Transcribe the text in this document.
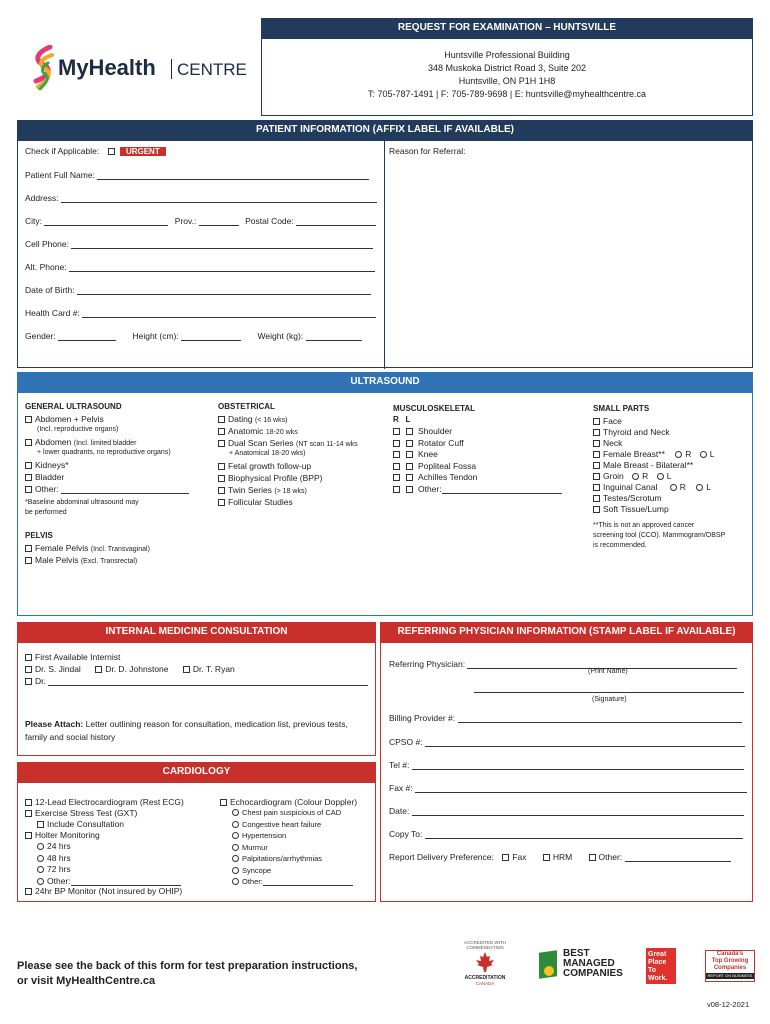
MyHealth CENTRE
REQUEST FOR EXAMINATION – HUNTSVILLE
Huntsville Professional Building
348 Muskoka District Road 3, Suite 202
Huntsville, ON P1H 1H8
T: 705-787-1491 | F: 705-789-9698 | E: huntsville@myhealthcentre.ca
PATIENT INFORMATION (AFFIX LABEL IF AVAILABLE)
Check if Applicable:	URGENT	Reason for Referral:
Patient Full Name:
Address:
City:	Prov.:	Postal Code:
Cell Phone:
Alt. Phone:
Date of Birth:
Health Card #:
Gender:	Height (cm):	Weight (kg):
ULTRASOUND
GENERAL ULTRASOUND
Abdomen + Pelvis
(Incl. reproductive organs)
Abdomen (Incl. limited bladder
+ lower quadrants, no reproductive organs)
Kidneys*
Bladder
Other:
*Baseline abdominal ultrasound may
be performed
PELVIS
Female Pelvis (Incl. Transvaginal)
Male Pelvis (Excl. Transrectal)
OBSTETRICAL
Dating (< 16 wks)
Anatomic 18-20 wks
Dual Scan Series (NT scan 11-14 wks
+ Anatomical 18-20 wks)
Fetal growth follow-up
Biophysical Profile (BPP)
Twin Series (> 18 wks)
Follicular Studies
MUSCULOSKELETAL
R   L
Shoulder
Rotator Cuff
Knee
Popliteal Fossa
Achilles Tendon
Other:
SMALL PARTS
Face
Thyroid and Neck
Neck
Female Breast** R L
Male Breast - Bilateral**
Groin R L
Inguinal Canal	R L
Testes/Scrotum
Soft Tissue/Lump
**This is not an approved cancer
screening tool (CCO). Mammogram/OBSP
is recommended.
INTERNAL MEDICINE CONSULTATION
First Available Internist
Dr. S. Jindal	Dr. D. Johnstone	Dr. T. Ryan
Dr.
Please Attach: Letter outlining reason for consultation, medication list, previous tests,
family and social history
CARDIOLOGY
12-Lead Electrocardiogram (Rest ECG)
Exercise Stress Test (GXT)
Include Consultation
Holter Monitoring
24 hrs
48 hrs
72 hrs
Other:
24hr BP Monitor (Not insured by OHIP)
Echocardiogram (Colour Doppler)
Chest pain suspicious of CAD
Congestive heart failure
Hypertension
Murmur
Palpitations/arrhythmias
Syncope
Other:
REFERRING PHYSICIAN INFORMATION (STAMP LABEL IF AVAILABLE)
Referring Physician:
(Print Name)
(Signature)
Billing Provider #:
CPSO #:
Tel #:
Fax #:
Date:
Copy To:
Report Delivery Preference: Fax	HRM	Other:
Please see the back of this form for test preparation instructions,
or visit MyHealthCentre.ca
ACCREDITED WITH
COMMENDATION
ACCREDITATION
CANADA
BEST
MANAGED
COMPANIES
Great
Place
To
Work.
Canada's
Top Growing
Companies
REPORT ON BUSINESS
v08-12-2021
